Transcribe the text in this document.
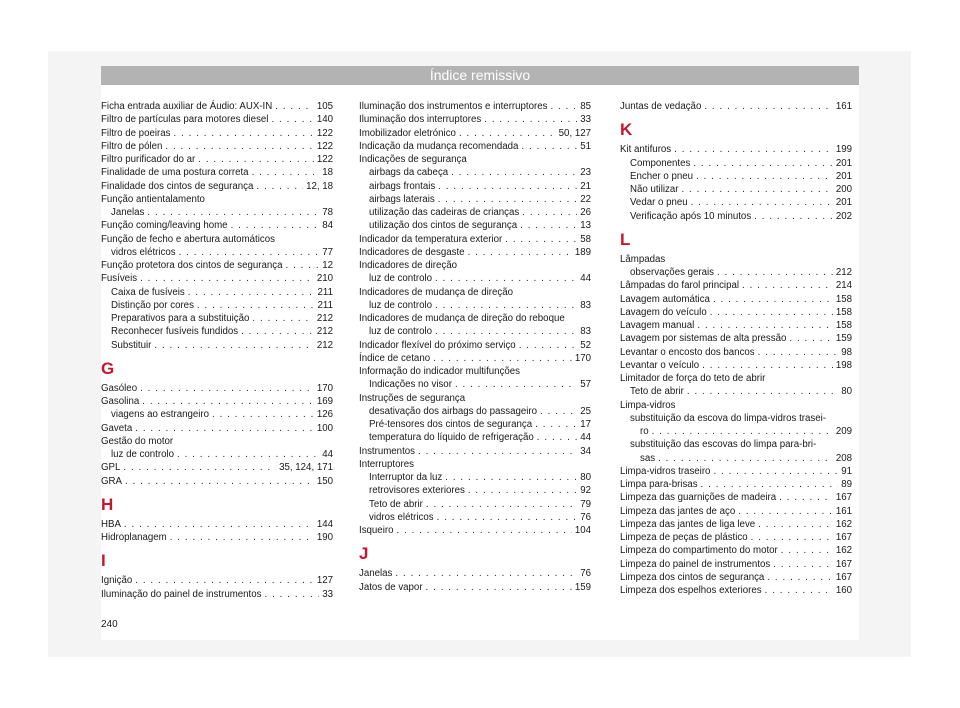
Índice remissivo
Ficha entrada auxiliar de Áudio: AUX-IN . . .	105
Filtro de partículas para motores diesel . . .	140
Filtro de poeiras . . .	122
Filtro de pólen . . .	122
Filtro purificador do ar . . .	122
Finalidade de uma postura correta . . .	18
Finalidade dos cintos de segurança . . .	12, 18
Função antientalamento
Janelas . . .	78
Função coming/leaving home . . .	84
Função de fecho e abertura automáticos
vidros elétricos . . .	77
Função protetora dos cintos de segurança . . .	12
Fusíveis . . .	210
Caixa de fusíveis . . .	211
Distinção por cores . . .	211
Preparativos para a substituição . . .	212
Reconhecer fusíveis fundidos . . .	212
Substituir . . .	212
G
Gasóleo . . .	170
Gasolina . . .	169
viagens ao estrangeiro . . .	126
Gaveta . . .	100
Gestão do motor
luz de controlo . . .	44
GPL . . .	35, 124, 171
GRA . . .	150
H
HBA . . .	144
Hidroplanagem . . .	190
I
Ignição . . .	127
Iluminação do painel de instrumentos . . .	33
Iluminação dos instrumentos e interruptores . . .	85
Iluminação dos interruptores . . .	33
Imobilizador eletrónico . . .	50, 127
Indicação da mudança recomendada . . .	51
Indicações de segurança
airbags da cabeça . . .	23
airbags frontais . . .	21
airbags laterais . . .	22
utilização das cadeiras de crianças . . .	26
utilização dos cintos de segurança . . .	13
Indicador da temperatura exterior . . .	58
Indicadores de desgaste . . .	189
Indicadores de direção
luz de controlo . . .	44
Indicadores de mudança de direção
luz de controlo . . .	83
Indicadores de mudança de direção do reboque
luz de controlo . . .	83
Indicador flexível do próximo serviço . . .	52
Índice de cetano . . .	170
Informação do indicador multifunções
Indicações no visor . . .	57
Instruções de segurança
desativação dos airbags do passageiro . . .	25
Pré-tensores dos cintos de segurança . . .	17
temperatura do líquido de refrigeração . . .	44
Instrumentos . . .	34
Interruptores
Interruptor da luz . . .	80
retrovisores exteriores . . .	92
Teto de abrir . . .	79
vidros elétricos . . .	76
Isqueiro . . .	104
J
Janelas . . .	76
Jatos de vapor . . .	159
Juntas de vedação . . .	161
K
Kit antifuros . . .	199
Componentes . . .	201
Encher o pneu . . .	201
Não utilizar . . .	200
Vedar o pneu . . .	201
Verificação após 10 minutos . . .	202
L
Lâmpadas
observações gerais . . .	212
Lâmpadas do farol principal . . .	214
Lavagem automática . . .	158
Lavagem do veículo . . .	158
Lavagem manual . . .	158
Lavagem por sistemas de alta pressão . . .	159
Levantar o encosto dos bancos . . .	98
Levantar o veículo . . .	198
Limitador de força do teto de abrir
Teto de abrir . . .	80
Limpa-vidros
substituição da escova do limpa-vidros trasei-
ro . . .	209
substituição das escovas do limpa para-bri-
sas . . .	208
Limpa-vidros traseiro . . .	91
Limpa para-brisas . . .	89
Limpeza das guarnições de madeira . . .	167
Limpeza das jantes de aço . . .	161
Limpeza das jantes de liga leve . . .	162
Limpeza de peças de plástico . . .	167
Limpeza do compartimento do motor . . .	162
Limpeza do painel de instrumentos . . .	167
Limpeza dos cintos de segurança . . .	167
Limpeza dos espelhos exteriores . . .	160
240
